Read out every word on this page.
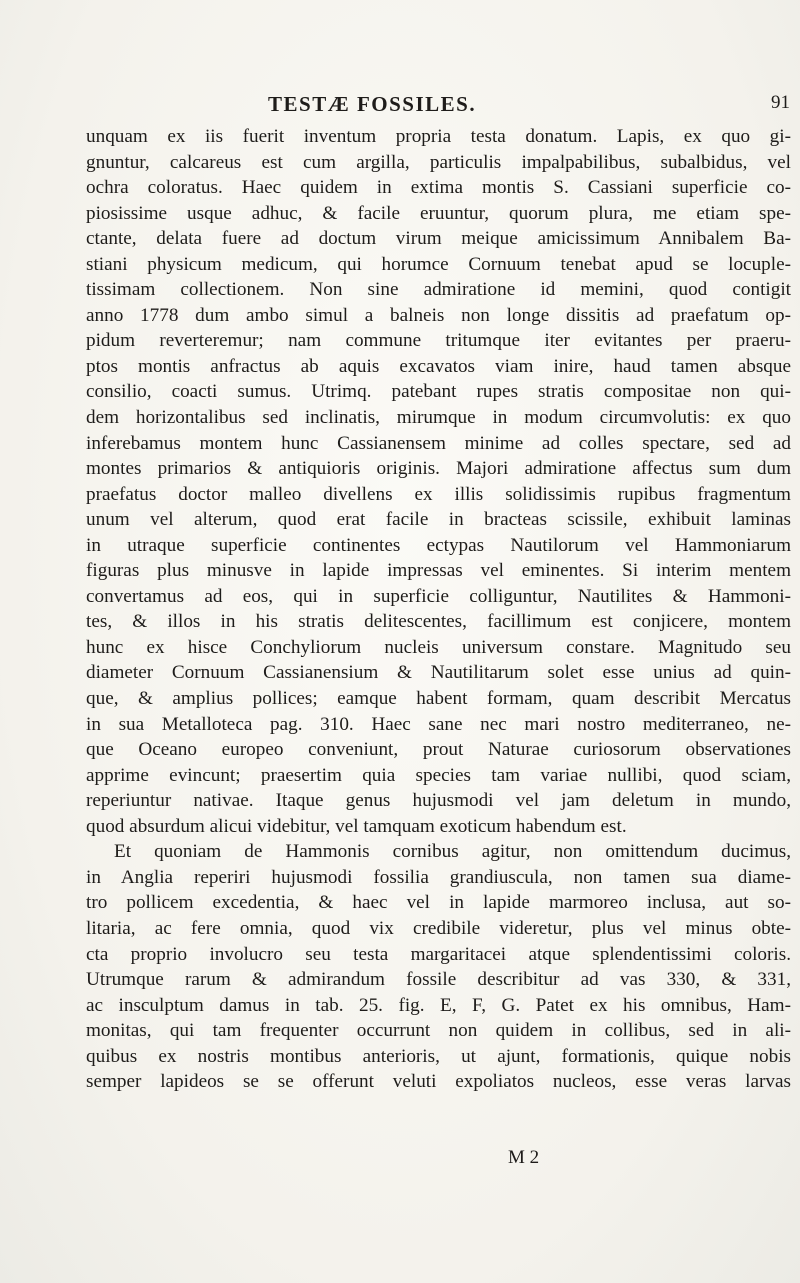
TESTÆ FOSSILES.	91
unquam ex iis fuerit inventum propria testa donatum. Lapis, ex quo gi-
gnuntur, calcareus est cum argilla, particulis impalpabilibus, subalbidus, vel
ochra coloratus. Haec quidem in extima montis S. Cassiani superficie co-
piosissime usque adhuc, & facile eruuntur, quorum plura, me etiam spe-
ctante, delata fuere ad doctum virum meique amicissimum Annibalem Ba-
stiani physicum medicum, qui horumce Cornuum tenebat apud se locuple-
tissimam collectionem. Non sine admiratione id memini, quod contigit
anno 1778 dum ambo simul a balneis non longe dissitis ad praefatum op-
pidum reverteremur; nam commune tritumque iter evitantes per praeru-
ptos montis anfractus ab aquis excavatos viam inire, haud tamen absque
consilio, coacti sumus. Utrimq. patebant rupes stratis compositae non qui-
dem horizontalibus sed inclinatis, mirumque in modum circumvolutis: ex quo
inferebamus montem hunc Cassianensem minime ad colles spectare, sed ad
montes primarios & antiquioris originis. Majori admiratione affectus sum dum
praefatus doctor malleo divellens ex illis solidissimis rupibus fragmentum
unum vel alterum, quod erat facile in bracteas scissile, exhibuit laminas
in utraque superficie continentes ectypas Nautilorum vel Hammoniarum
figuras plus minusve in lapide impressas vel eminentes. Si interim mentem
convertamus ad eos, qui in superficie colliguntur, Nautilites & Hammoni-
tes, & illos in his stratis delitescentes, facillimum est conjicere, montem
hunc ex hisce Conchyliorum nucleis universum constare. Magnitudo seu
diameter Cornuum Cassianensium & Nautilitarum solet esse unius ad quin-
que, & amplius pollices; eamque habent formam, quam describit Mercatus
in sua Metalloteca pag. 310. Haec sane nec mari nostro mediterraneo, ne-
que Oceano europeo conveniunt, prout Naturae curiosorum observationes
apprime evincunt; praesertim quia species tam variae nullibi, quod sciam,
reperiuntur nativae. Itaque genus hujusmodi vel jam deletum in mundo,
quod absurdum alicui videbitur, vel tamquam exoticum habendum est.
Et quoniam de Hammonis cornibus agitur, non omittendum ducimus,
in Anglia reperiri hujusmodi fossilia grandiuscula, non tamen sua diame-
tro pollicem excedentia, & haec vel in lapide marmoreo inclusa, aut so-
litaria, ac fere omnia, quod vix credibile videretur, plus vel minus obte-
cta proprio involucro seu testa margaritacei atque splendentissimi coloris.
Utrumque rarum & admirandum fossile describitur ad vas 330, & 331,
ac insculptum damus in tab. 25. fig. E, F, G. Patet ex his omnibus, Ham-
monitas, qui tam frequenter occurrunt non quidem in collibus, sed in ali-
quibus ex nostris montibus anterioris, ut ajunt, formationis, quique nobis
semper lapideos se se offerunt veluti expoliatos nucleos, esse veras larvas
M 2
